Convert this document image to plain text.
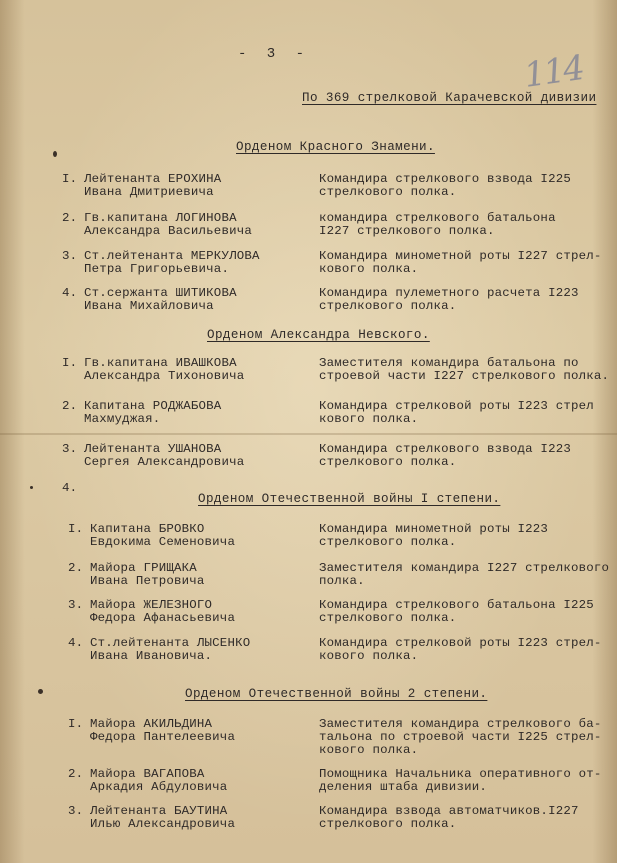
114
- 3 -
По 369 стрелковой Карачевской дивизии
Орденом Красного Знамени.
I. Лейтенанта ЕРОХИНА
Ивана Дмитриевича
Командира стрелкового взвода I225
стрелкового полка.
2. Гв.капитана ЛОГИНОВА
Александра Васильевича
командира стрелкового батальона
I227 стрелкового полка.
3. Ст.лейтенанта МЕРКУЛОВА
Петра Григорьевича.
Командира минометной роты I227 стрел-
кового полка.
4. Ст.сержанта ШИТИКОВА
Ивана Михайловича
Командира пулеметного расчета I223
стрелкового полка.
Орденом Александра Невского.
I. Гв.капитана ИВАШКОВА
Александра Тихоновича
Заместителя командира батальона по
строевой части I227 стрелкового полка.
2. Капитана РОДЖАБОВА
Махмуджая.
Командира стрелковой роты I223 стрел
кового полка.
3. Лейтенанта УШАНОВА
Сергея Александровича
Командира стрелкового взвода I223
стрелкового полка.
4.
Орденом Отечественной войны I степени.
I. Капитана БРОВКО
Евдокима Семеновича
Командира минометной роты I223
стрелкового полка.
2. Майора ГРИЩАКА
Ивана Петровича
Заместителя командира I227 стрелкового
полка.
3. Майора ЖЕЛЕЗНОГО
Федора Афанасьевича
Командира стрелкового батальона I225
стрелкового полка.
4. Ст.лейтенанта ЛЫСЕНКО
Ивана Ивановича.
Командира стрелковой роты I223 стрел-
кового полка.
Орденом Отечественной войны 2 степени.
I. Майора АКИЛЬДИНА
Федора Пантелеевича
Заместителя командира стрелкового ба-
тальона по строевой части I225 стрел-
кового полка.
2. Майора ВАГАПОВА
Аркадия Абдуловича
Помощника Начальника оперативного от-
деления штаба дивизии.
3. Лейтенанта БАУТИНА
Илью Александровича
Командира взвода автоматчиков.I227
стрелкового полка.
